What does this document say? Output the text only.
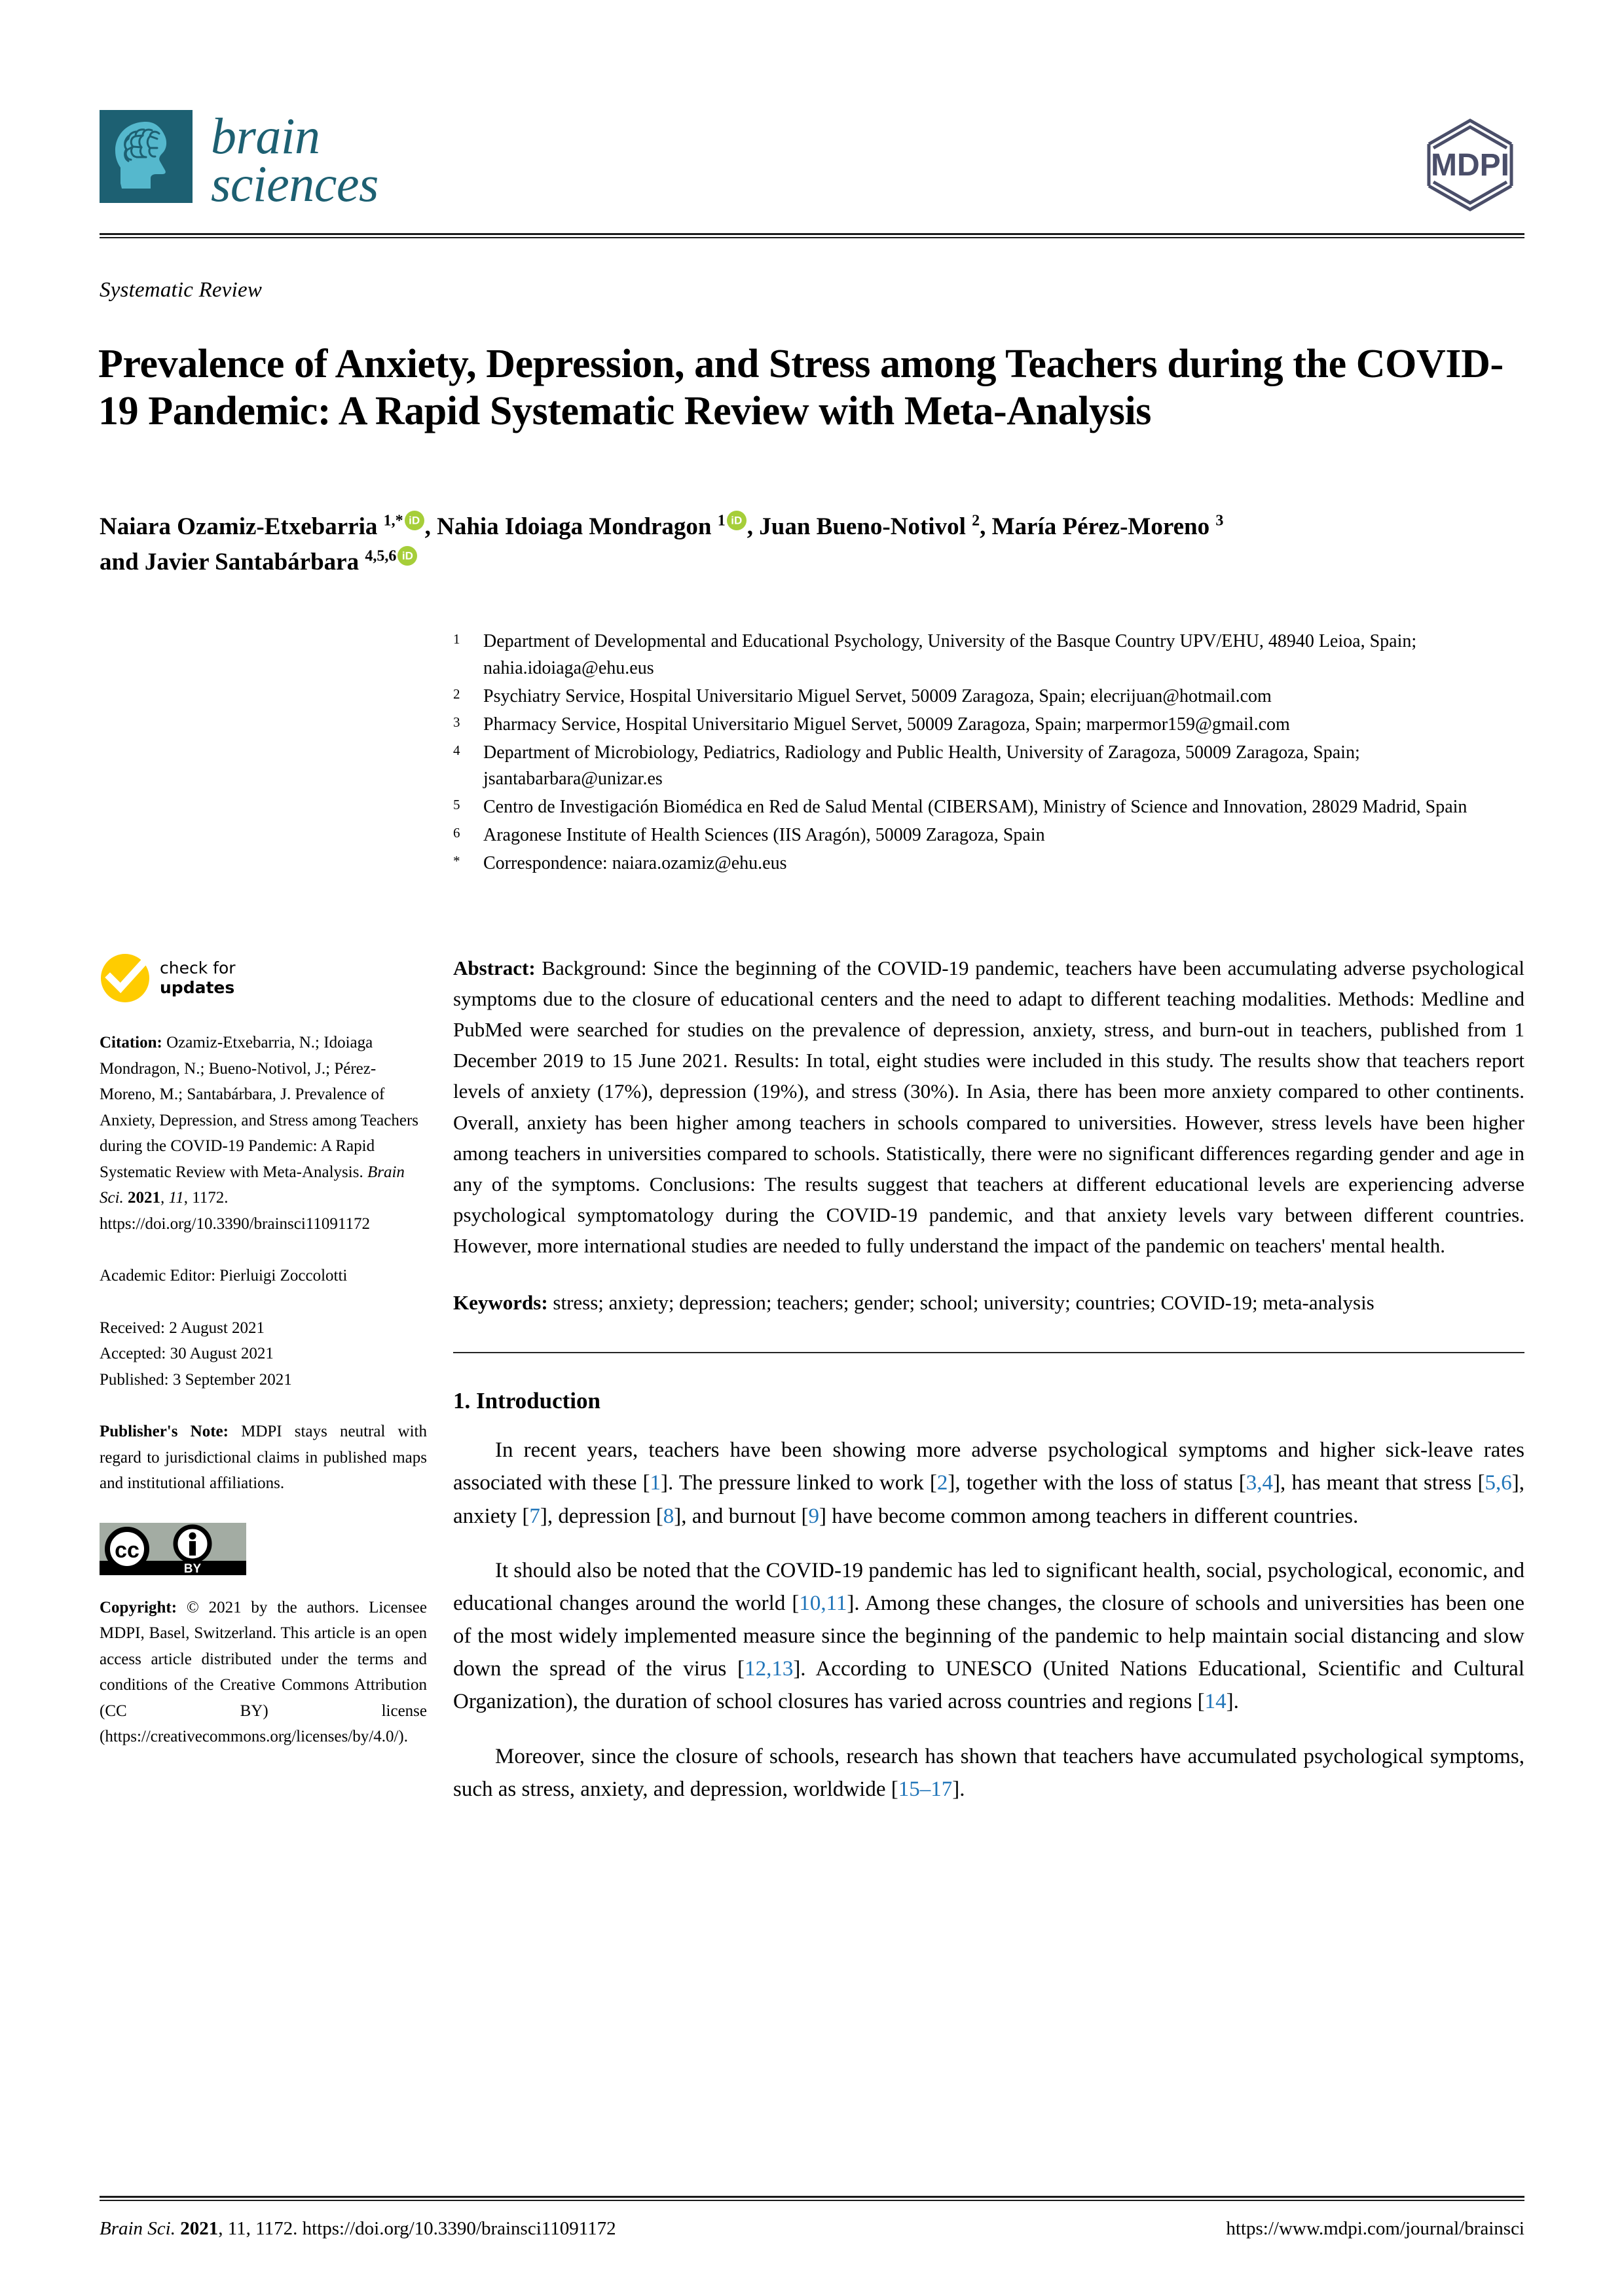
brain
sciences	MDPI
Systematic Review
Prevalence of Anxiety, Depression, and Stress among Teachers during the COVID-19 Pandemic: A Rapid Systematic Review with Meta-Analysis
Naiara Ozamiz-Etxebarria $^{1,*}$ iD , Nahia Idoiaga Mondragon $^1$ iD , Juan Bueno-Notivol $^2$, María Pérez-Moreno $^3$
and Javier Santabárbara $^{4,5,6}$iD
1	Department of Developmental and Educational Psychology, University of the Basque Country UPV/EHU, 48940 Leioa, Spain; nahia.idoiaga@ehu.eus
2	Psychiatry Service, Hospital Universitario Miguel Servet, 50009 Zaragoza, Spain; elecrijuan@hotmail.com
3	Pharmacy Service, Hospital Universitario Miguel Servet, 50009 Zaragoza, Spain; marpermor159@gmail.com
4	Department of Microbiology, Pediatrics, Radiology and Public Health, University of Zaragoza, 50009 Zaragoza, Spain; jsantabarbara@unizar.es
5	Centro de Investigación Biomédica en Red de Salud Mental (CIBERSAM), Ministry of Science and Innovation, 28029 Madrid, Spain
6	Aragonese Institute of Health Sciences (IIS Aragón), 50009 Zaragoza, Spain
*	Correspondence: naiara.ozamiz@ehu.eus
check for
updates
Citation: Ozamiz-Etxebarria, N.; Idoiaga Mondragon, N.; Bueno-Notivol, J.; Pérez-Moreno, M.; Santabárbara, J. Prevalence of Anxiety, Depression, and Stress among Teachers during the COVID-19 Pandemic: A Rapid Systematic Review with Meta-Analysis. Brain Sci. 2021, 11, 1172. https://doi.org/10.3390/brainsci11091172
Academic Editor: Pierluigi Zoccolotti
Received: 2 August 2021
Accepted: 30 August 2021
Published: 3 September 2021
Publisher's Note: MDPI stays neutral with regard to jurisdictional claims in published maps and institutional affiliations.
cc
BY
Copyright: © 2021 by the authors. Licensee MDPI, Basel, Switzerland. This article is an open access article distributed under the terms and conditions of the Creative Commons Attribution (CC BY) license (https://creativecommons.org/licenses/by/4.0/).
Abstract: Background: Since the beginning of the COVID-19 pandemic, teachers have been accumulating adverse psychological symptoms due to the closure of educational centers and the need to adapt to different teaching modalities. Methods: Medline and PubMed were searched for studies on the prevalence of depression, anxiety, stress, and burn-out in teachers, published from 1 December 2019 to 15 June 2021. Results: In total, eight studies were included in this study. The results show that teachers report levels of anxiety (17%), depression (19%), and stress (30%). In Asia, there has been more anxiety compared to other continents. Overall, anxiety has been higher among teachers in schools compared to universities. However, stress levels have been higher among teachers in universities compared to schools. Statistically, there were no significant differences regarding gender and age in any of the symptoms. Conclusions: The results suggest that teachers at different educational levels are experiencing adverse psychological symptomatology during the COVID-19 pandemic, and that anxiety levels vary between different countries. However, more international studies are needed to fully understand the impact of the pandemic on teachers' mental health.
Keywords: stress; anxiety; depression; teachers; gender; school; university; countries; COVID-19; meta-analysis
1. Introduction

In recent years, teachers have been showing more adverse psychological symptoms and higher sick-leave rates associated with these [1]. The pressure linked to work [2], together with the loss of status [3,4], has meant that stress [5,6], anxiety [7], depression [8], and burnout [9] have become common among teachers in different countries.

It should also be noted that the COVID-19 pandemic has led to significant health, social, psychological, economic, and educational changes around the world [10,11]. Among these changes, the closure of schools and universities has been one of the most widely implemented measure since the beginning of the pandemic to help maintain social distancing and slow down the spread of the virus [12,13]. According to UNESCO (United Nations Educational, Scientific and Cultural Organization), the duration of school closures has varied across countries and regions [14].

Moreover, since the closure of schools, research has shown that teachers have accumulated psychological symptoms, such as stress, anxiety, and depression, worldwide [15–17].

Brain Sci. 2021, 11, 1172. https://doi.org/10.3390/brainsci11091172	https://www.mdpi.com/journal/brainsci
